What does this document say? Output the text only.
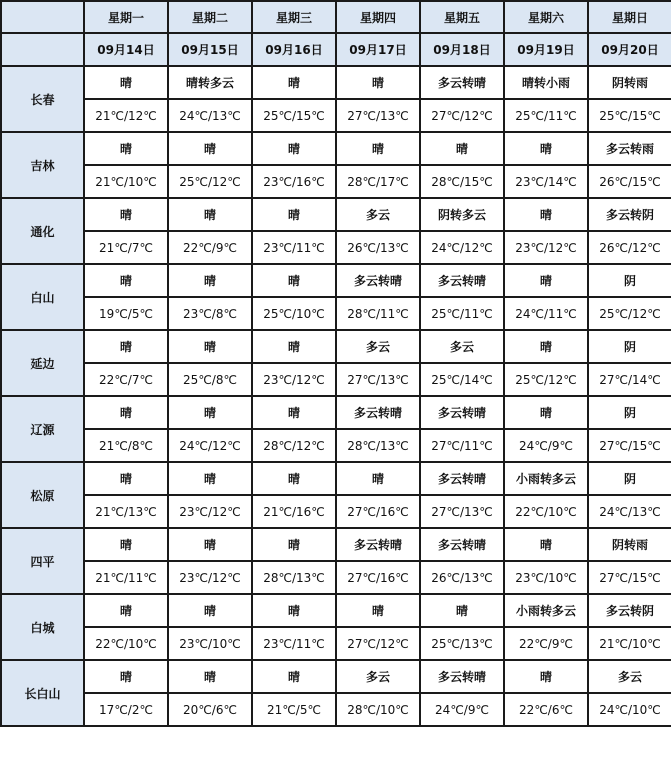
	星期一	星期二	星期三	星期四	星期五	星期六	星期日
	09月14日	09月15日	09月16日	09月17日	09月18日	09月19日	09月20日
长春	晴	晴转多云	晴	晴	多云转晴	晴转小雨	阴转雨
	21℃/12℃	24℃/13℃	25℃/15℃	27℃/13℃	27℃/12℃	25℃/11℃	25℃/15℃
吉林	晴	晴	晴	晴	晴	晴	多云转雨
	21℃/10℃	25℃/12℃	23℃/16℃	28℃/17℃	28℃/15℃	23℃/14℃	26℃/15℃
通化	晴	晴	晴	多云	阴转多云	晴	多云转阴
	21℃/7℃	22℃/9℃	23℃/11℃	26℃/13℃	24℃/12℃	23℃/12℃	26℃/12℃
白山	晴	晴	晴	多云转晴	多云转晴	晴	阴
	19℃/5℃	23℃/8℃	25℃/10℃	28℃/11℃	25℃/11℃	24℃/11℃	25℃/12℃
延边	晴	晴	晴	多云	多云	晴	阴
	22℃/7℃	25℃/8℃	23℃/12℃	27℃/13℃	25℃/14℃	25℃/12℃	27℃/14℃
辽源	晴	晴	晴	多云转晴	多云转晴	晴	阴
	21℃/8℃	24℃/12℃	28℃/12℃	28℃/13℃	27℃/11℃	24℃/9℃	27℃/15℃
松原	晴	晴	晴	晴	多云转晴	小雨转多云	阴
	21℃/13℃	23℃/12℃	21℃/16℃	27℃/16℃	27℃/13℃	22℃/10℃	24℃/13℃
四平	晴	晴	晴	多云转晴	多云转晴	晴	阴转雨
	21℃/11℃	23℃/12℃	28℃/13℃	27℃/16℃	26℃/13℃	23℃/10℃	27℃/15℃
白城	晴	晴	晴	晴	晴	小雨转多云	多云转阴
	22℃/10℃	23℃/10℃	23℃/11℃	27℃/12℃	25℃/13℃	22℃/9℃	21℃/10℃
长白山	晴	晴	晴	多云	多云转晴	晴	多云
	17℃/2℃	20℃/6℃	21℃/5℃	28℃/10℃	24℃/9℃	22℃/6℃	24℃/10℃
